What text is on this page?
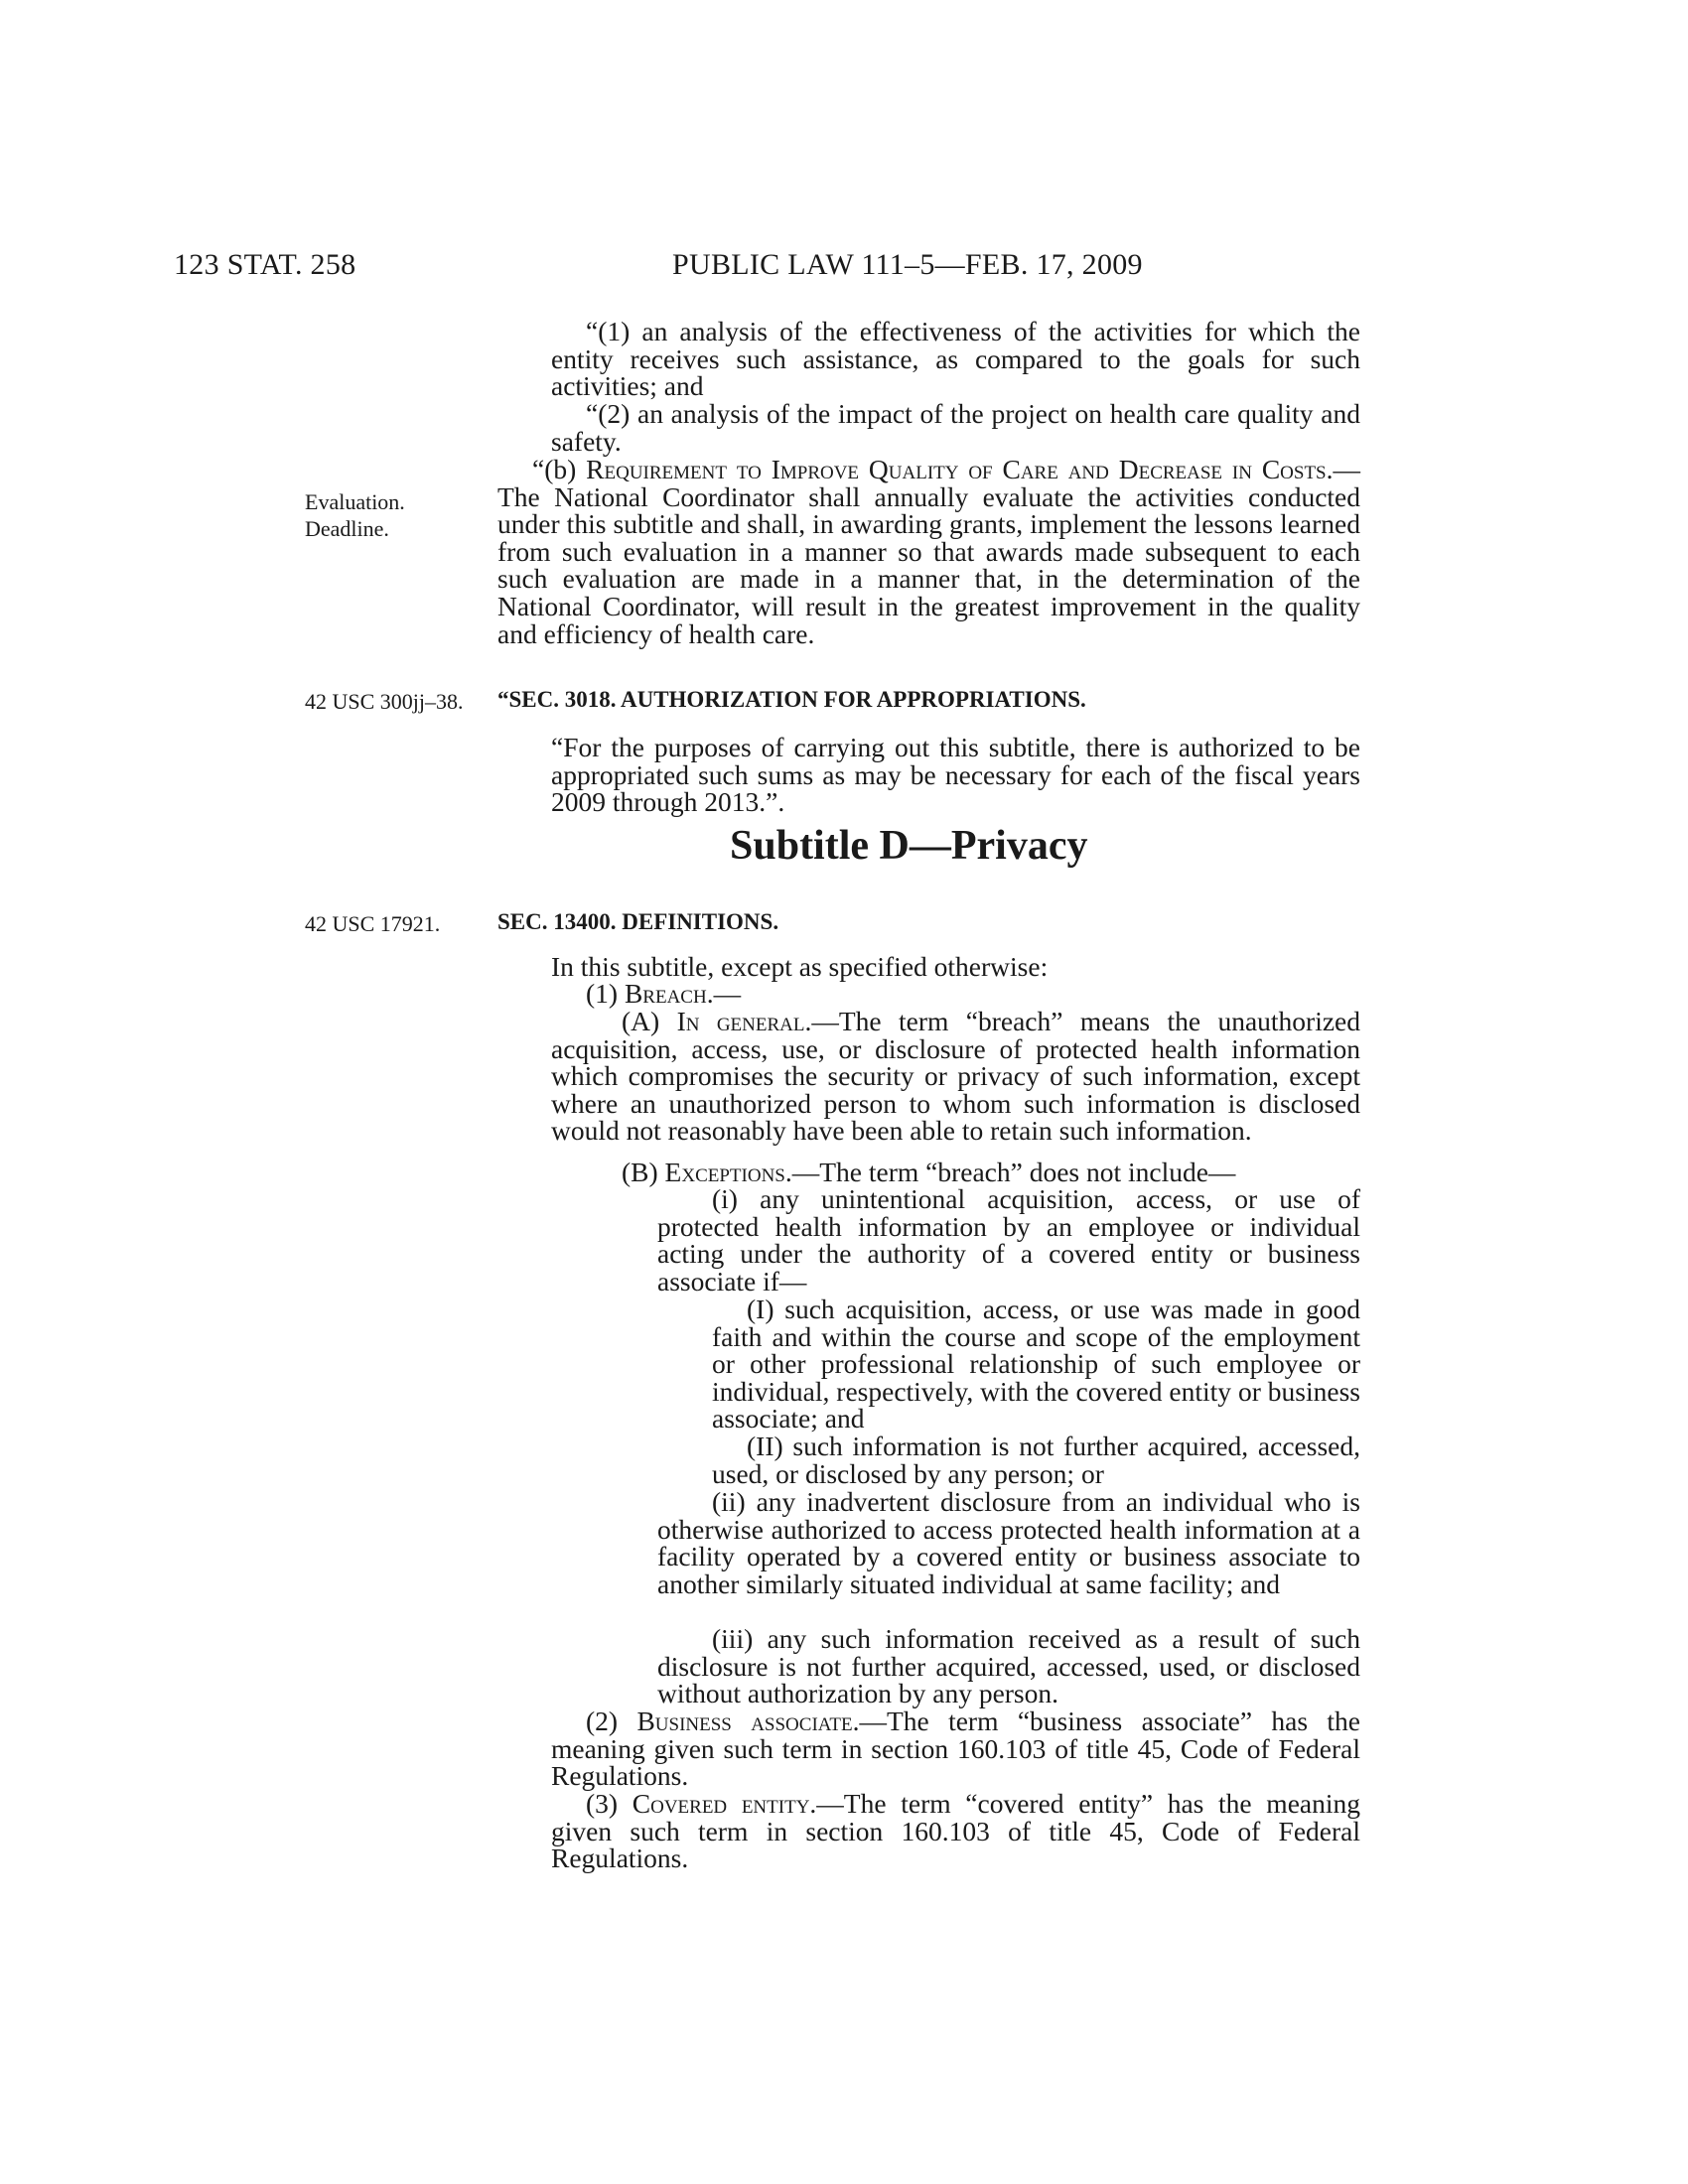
123 STAT. 258	PUBLIC LAW 111–5—FEB. 17, 2009
Evaluation.
Deadline.
42 USC 300jj–38.
42 USC 17921.

“(1) an analysis of the effectiveness of the activities for which the entity receives such assistance, as compared to the goals for such activities; and

“(2) an analysis of the impact of the project on health care quality and safety.

“(b) Requirement to Improve Quality of Care and Decrease in Costs.—The National Coordinator shall annually evaluate the activities conducted under this subtitle and shall, in awarding grants, implement the lessons learned from such evaluation in a manner so that awards made subsequent to each such evaluation are made in a manner that, in the determination of the National Coordinator, will result in the greatest improvement in the quality and efficiency of health care.

“SEC. 3018. AUTHORIZATION FOR APPROPRIATIONS.

“For the purposes of carrying out this subtitle, there is authorized to be appropriated such sums as may be necessary for each of the fiscal years 2009 through 2013.”.

Subtitle D—Privacy
SEC. 13400. DEFINITIONS.

In this subtitle, except as specified otherwise:

(1) Breach.—

(A) In general.—The term “breach” means the unauthorized acquisition, access, use, or disclosure of protected health information which compromises the security or privacy of such information, except where an unauthorized person to whom such information is disclosed would not reasonably have been able to retain such information.

(B) Exceptions.—The term “breach” does not include—

(i) any unintentional acquisition, access, or use of protected health information by an employee or individual acting under the authority of a covered entity or business associate if—

(I) such acquisition, access, or use was made in good faith and within the course and scope of the employment or other professional relationship of such employee or individual, respectively, with the covered entity or business associate; and

(II) such information is not further acquired, accessed, used, or disclosed by any person; or

(ii) any inadvertent disclosure from an individual who is otherwise authorized to access protected health information at a facility operated by a covered entity or business associate to another similarly situated individual at same facility; and

(iii) any such information received as a result of such disclosure is not further acquired, accessed, used, or disclosed without authorization by any person.

(2) Business associate.—The term “business associate” has the meaning given such term in section 160.103 of title 45, Code of Federal Regulations.

(3) Covered entity.—The term “covered entity” has the meaning given such term in section 160.103 of title 45, Code of Federal Regulations.
